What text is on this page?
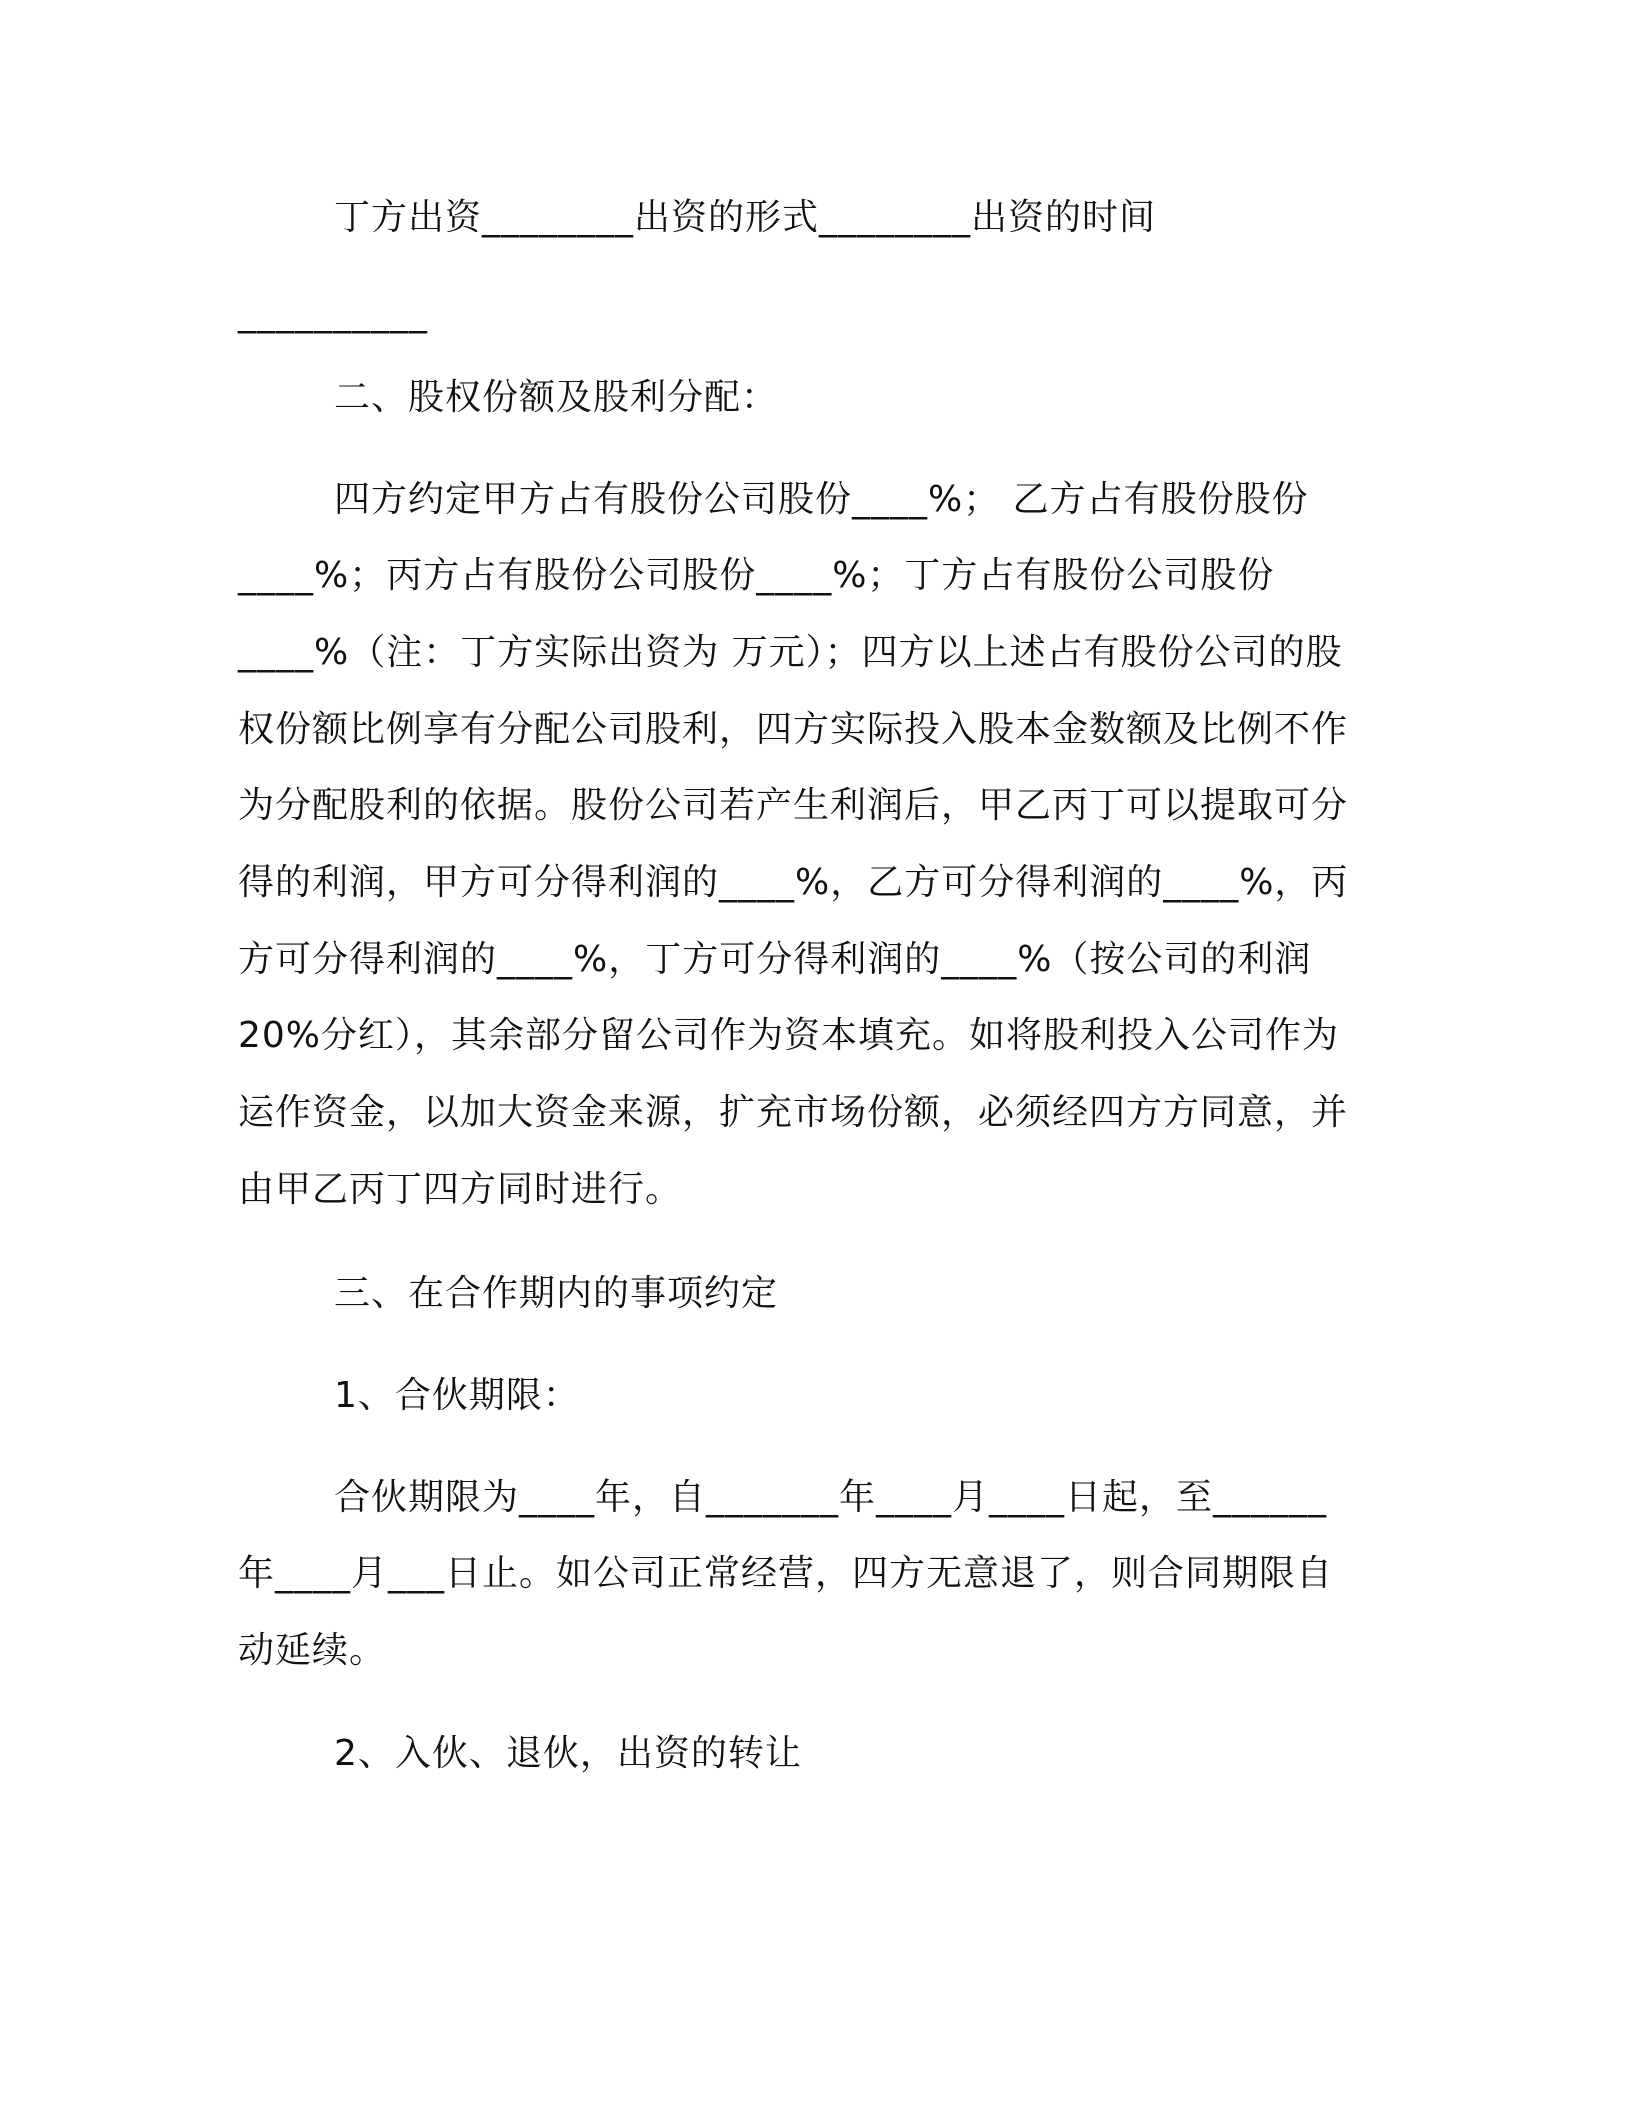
丁方出资________出资的形式________出资的时间
__________
二、股权份额及股利分配：
四方约定甲方占有股份公司股份____%； 乙方占有股份股份
____%；丙方占有股份公司股份____%；丁方占有股份公司股份
____%（注：丁方实际出资为 万元）；四方以上述占有股份公司的股
权份额比例享有分配公司股利，四方实际投入股本金数额及比例不作
为分配股利的依据。股份公司若产生利润后，甲乙丙丁可以提取可分
得的利润，甲方可分得利润的____%，乙方可分得利润的____%，丙
方可分得利润的____%，丁方可分得利润的____%（按公司的利润
20%分红），其余部分留公司作为资本填充。如将股利投入公司作为
运作资金，以加大资金来源，扩充市场份额，必须经四方方同意，并
由甲乙丙丁四方同时进行。
三、在合作期内的事项约定
1、合伙期限：
合伙期限为____年，自_______年____月____日起，至______
年____月___日止。如公司正常经营，四方无意退了，则合同期限自
动延续。
2、入伙、退伙，出资的转让
